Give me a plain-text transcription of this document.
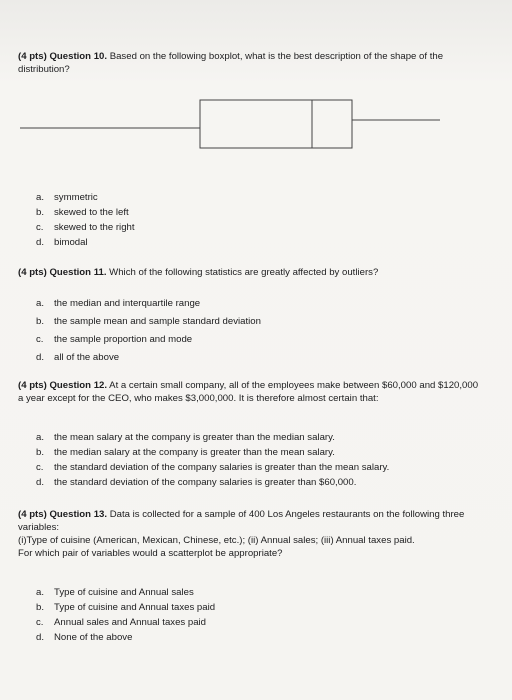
(4 pts) Question 10. Based on the following boxplot, what is the best description of the shape of the distribution?
a.	symmetric
b.	skewed to the left
c.	skewed to the right
d.	bimodal
(4 pts) Question 11. Which of the following statistics are greatly affected by outliers?
a.	the median and interquartile range
b.	the sample mean and sample standard deviation
c.	the sample proportion and mode
d.	all of the above
(4 pts) Question 12. At a certain small company, all of the employees make between $60,000 and $120,000 a year except for the CEO, who makes $3,000,000. It is therefore almost certain that:
a.	the mean salary at the company is greater than the median salary.
b.	the median salary at the company is greater than the mean salary.
c.	the standard deviation of the company salaries is greater than the mean salary.
d.	the standard deviation of the company salaries is greater than $60,000.
(4 pts) Question 13. Data is collected for a sample of 400 Los Angeles restaurants on the following three variables:
(i)Type of cuisine (American, Mexican, Chinese, etc.); (ii) Annual sales; (iii) Annual taxes paid.
For which pair of variables would a scatterplot be appropriate?
a.	Type of cuisine and Annual sales
b.	Type of cuisine and Annual taxes paid
c.	Annual sales and Annual taxes paid
d.	None of the above
